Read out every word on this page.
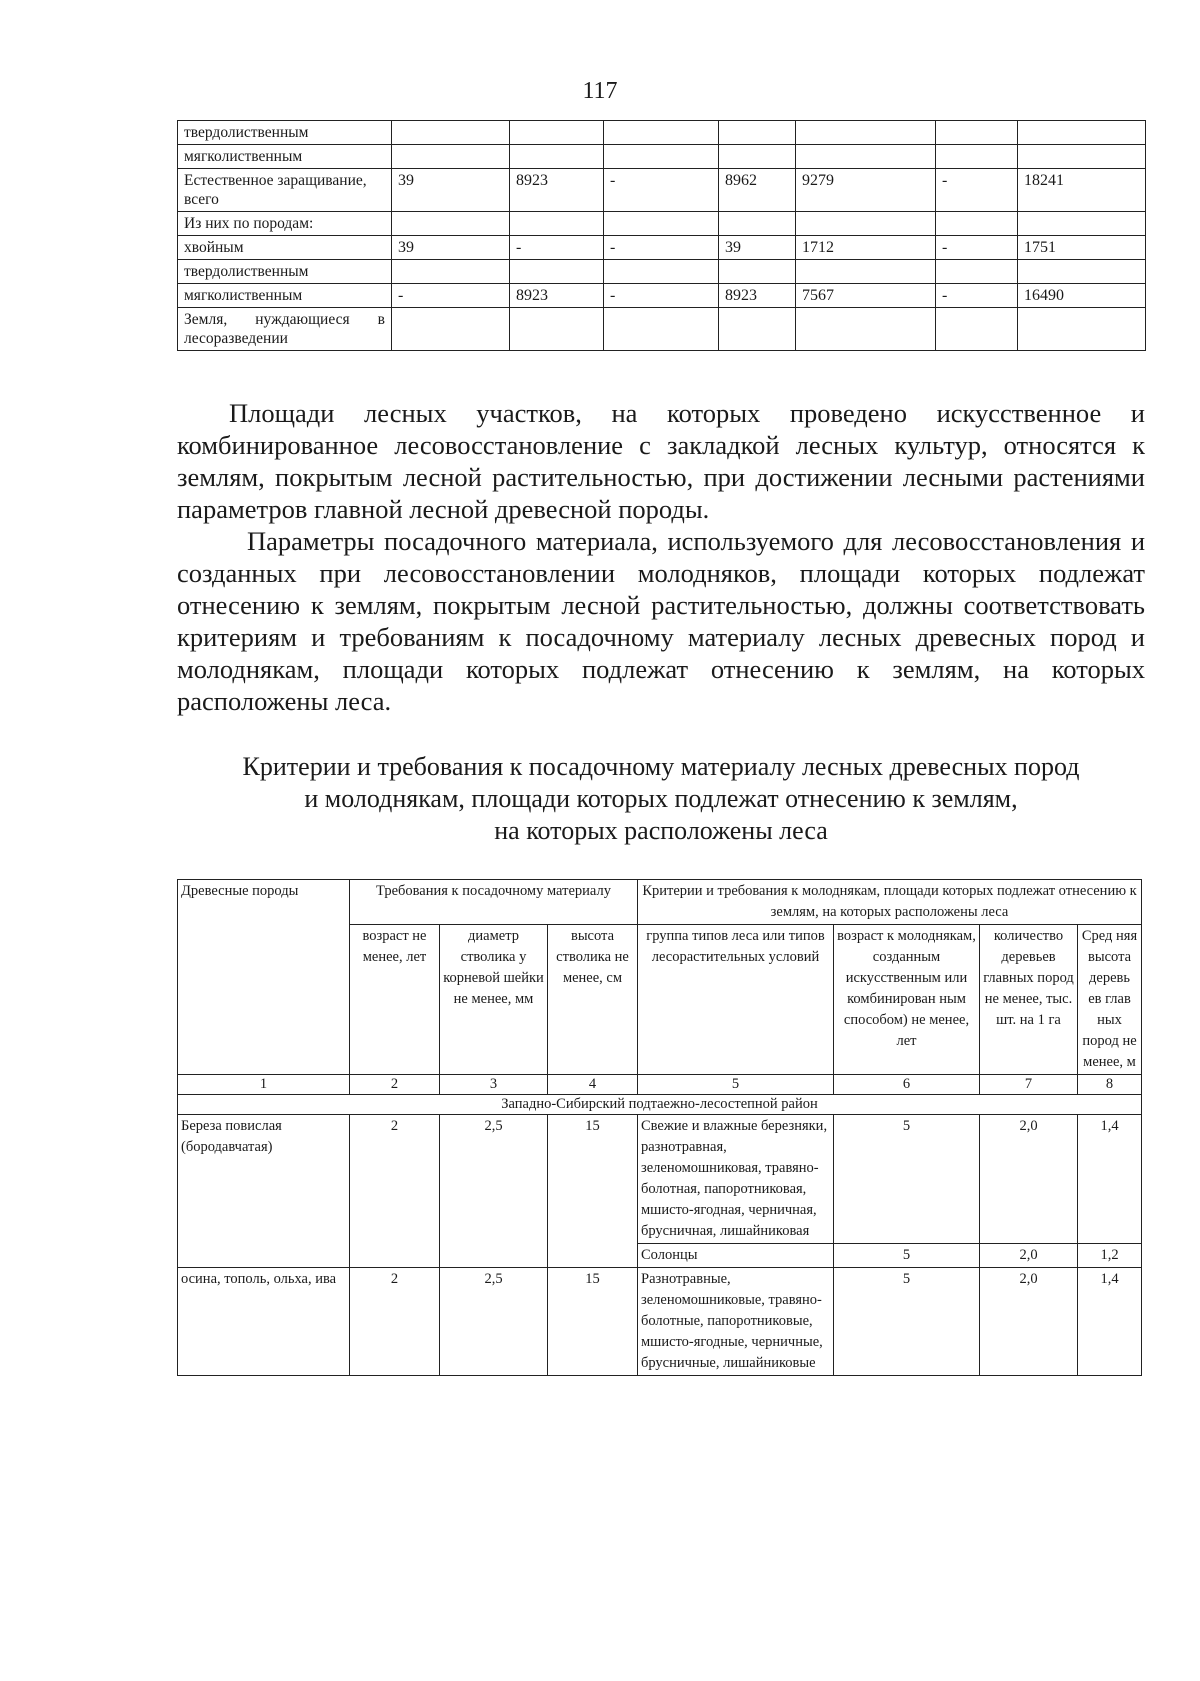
117
твердолиственным							
мягколиственным							
Естественное заращивание, всего	39	8923	-	8962	9279	-	18241
Из них по породам:							
хвойным	39	-	-	39	1712	-	1751
твердолиственным							
мягколиственным	-	8923	-	8923	7567	-	16490
Земля, нуждающиеся в лесоразведении							

Площади лесных участков, на которых проведено искусственное и комбинированное лесовосстановление с закладкой лесных культур, относятся к землям, покрытым лесной растительностью, при достижении лесными растениями параметров главной лесной древесной породы.

Параметры посадочного материала, используемого для лесовосстановления и созданных при лесовосстановлении молодняков, площади которых подлежат отнесению к землям, покрытым лесной растительностью, должны соответствовать критериям и требованиям к посадочному материалу лесных древесных пород и молоднякам, площади которых подлежат отнесению к землям, на которых расположены леса.

Критерии и требования к посадочному материалу лесных древесных пород
и молоднякам, площади которых подлежат отнесению к землям,
на которых расположены леса
Древесные породы	Требования к посадочному материалу			Критерии и требования к молоднякам, площади которых подлежат отнесению к землям, на которых расположены леса			
	возраст не менее, лет	диаметр стволика у корневой шейки не менее, мм	высота стволика не менее, см	группа типов леса или типов лесорастительных условий	возраст к молоднякам, созданным искусственным или комбинирован ным способом) не менее, лет	количество деревьев главных пород не менее, тыс. шт. на 1 га	Сред няя высота деревь ев глав ных пород не менее, м
1	2	3	4	5	6	7	8
Западно-Сибирский подтаежно-лесостепной район							
Береза повислая (бородавчатая)	2	2,5	15	Свежие и влажные березняки, разнотравная, зеленомошниковая, травяно-болотная, папоротниковая, мшисто-ягодная, черничная, брусничная, лишайниковая	5	2,0	1,4
				Солонцы	5	2,0	1,2
осина, тополь, ольха, ива	2	2,5	15	Разнотравные, зеленомошниковые, травяно-болотные, папоротниковые, мшисто-ягодные, черничные, брусничные, лишайниковые	5	2,0	1,4
